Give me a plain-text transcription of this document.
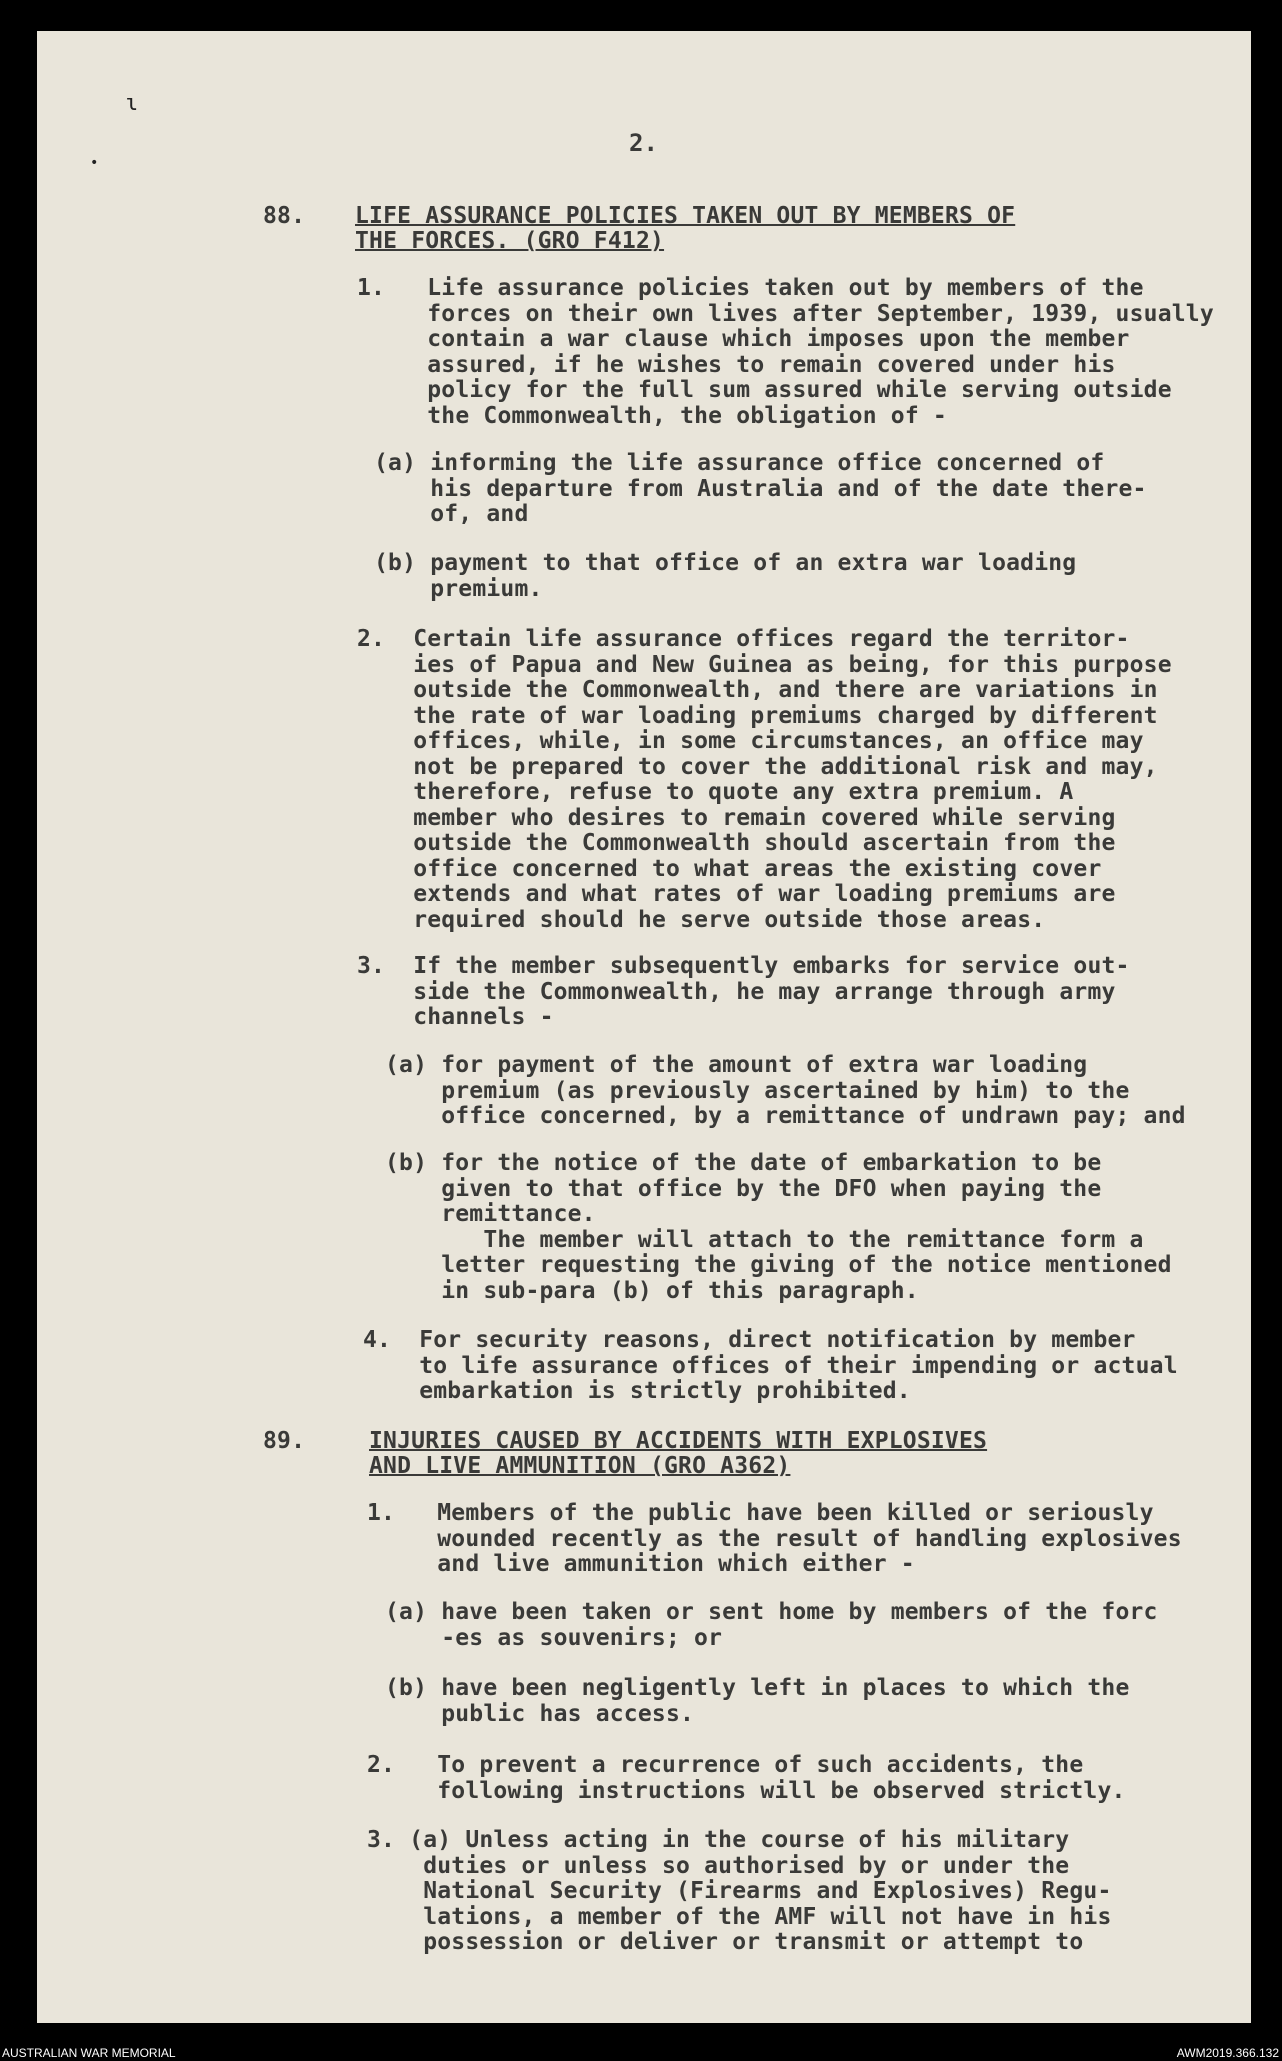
ɩ
•
2.
88. LIFE ASSURANCE POLICIES TAKEN OUT BY MEMBERS OF
THE FORCES. (GRO F412)
1.   Life assurance policies taken out by members of the
forces on their own lives after September, 1939, usually
contain a war clause which imposes upon the member
assured, if he wishes to remain covered under his
policy for the full sum assured while serving outside
the Commonwealth, the obligation of -
(a) informing the life assurance office concerned of
his departure from Australia and of the date there-
of, and
(b) payment to that office of an extra war loading
premium.
2.  Certain life assurance offices regard the territor-
ies of Papua and New Guinea as being, for this purpose
outside the Commonwealth, and there are variations in
the rate of war loading premiums charged by different
offices, while, in some circumstances, an office may
not be prepared to cover the additional risk and may,
therefore, refuse to quote any extra premium. A
member who desires to remain covered while serving
outside the Commonwealth should ascertain from the
office concerned to what areas the existing cover
extends and what rates of war loading premiums are
required should he serve outside those areas.
3.  If the member subsequently embarks for service out-
side the Commonwealth, he may arrange through army
channels -
(a) for payment of the amount of extra war loading
premium (as previously ascertained by him) to the
office concerned, by a remittance of undrawn pay; and
(b) for the notice of the date of embarkation to be
given to that office by the DFO when paying the
remittance.
The member will attach to the remittance form a
letter requesting the giving of the notice mentioned
in sub-para (b) of this paragraph.
4.  For security reasons, direct notification by member
to life assurance offices of their impending or actual
embarkation is strictly prohibited.
89.	INJURIES CAUSED BY ACCIDENTS WITH EXPLOSIVES
AND LIVE AMMUNITION (GRO A362)
1.   Members of the public have been killed or seriously
wounded recently as the result of handling explosives
and live ammunition which either -
(a) have been taken or sent home by members of the forc
-es as souvenirs; or
(b) have been negligently left in places to which the
public has access.
2.   To prevent a recurrence of such accidents, the
following instructions will be observed strictly.
3. (a) Unless acting in the course of his military
duties or unless so authorised by or under the
National Security (Firearms and Explosives) Regu-
lations, a member of the AMF will not have in his
possession or deliver or transmit or attempt to
AUSTRALIAN WAR MEMORIAL	AWM2019.366.132
